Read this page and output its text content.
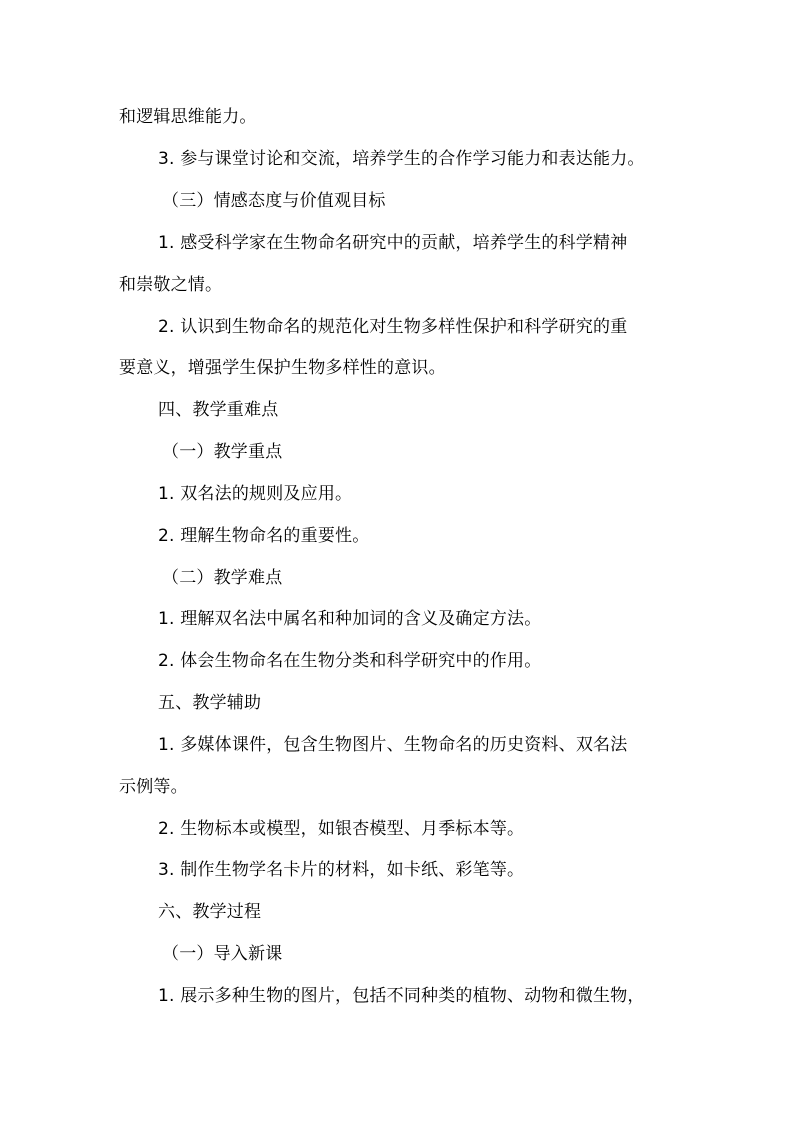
和逻辑思维能力。
3. 参与课堂讨论和交流，培养学生的合作学习能力和表达能力。
（三）情感态度与价值观目标
1. 感受科学家在生物命名研究中的贡献，培养学生的科学精神
和崇敬之情。
2. 认识到生物命名的规范化对生物多样性保护和科学研究的重
要意义，增强学生保护生物多样性的意识。
四、教学重难点
（一）教学重点
1. 双名法的规则及应用。
2. 理解生物命名的重要性。
（二）教学难点
1. 理解双名法中属名和种加词的含义及确定方法。
2. 体会生物命名在生物分类和科学研究中的作用。
五、教学辅助
1. 多媒体课件，包含生物图片、生物命名的历史资料、双名法
示例等。
2. 生物标本或模型，如银杏模型、月季标本等。
3. 制作生物学名卡片的材料，如卡纸、彩笔等。
六、教学过程
（一）导入新课
1. 展示多种生物的图片，包括不同种类的植物、动物和微生物，
